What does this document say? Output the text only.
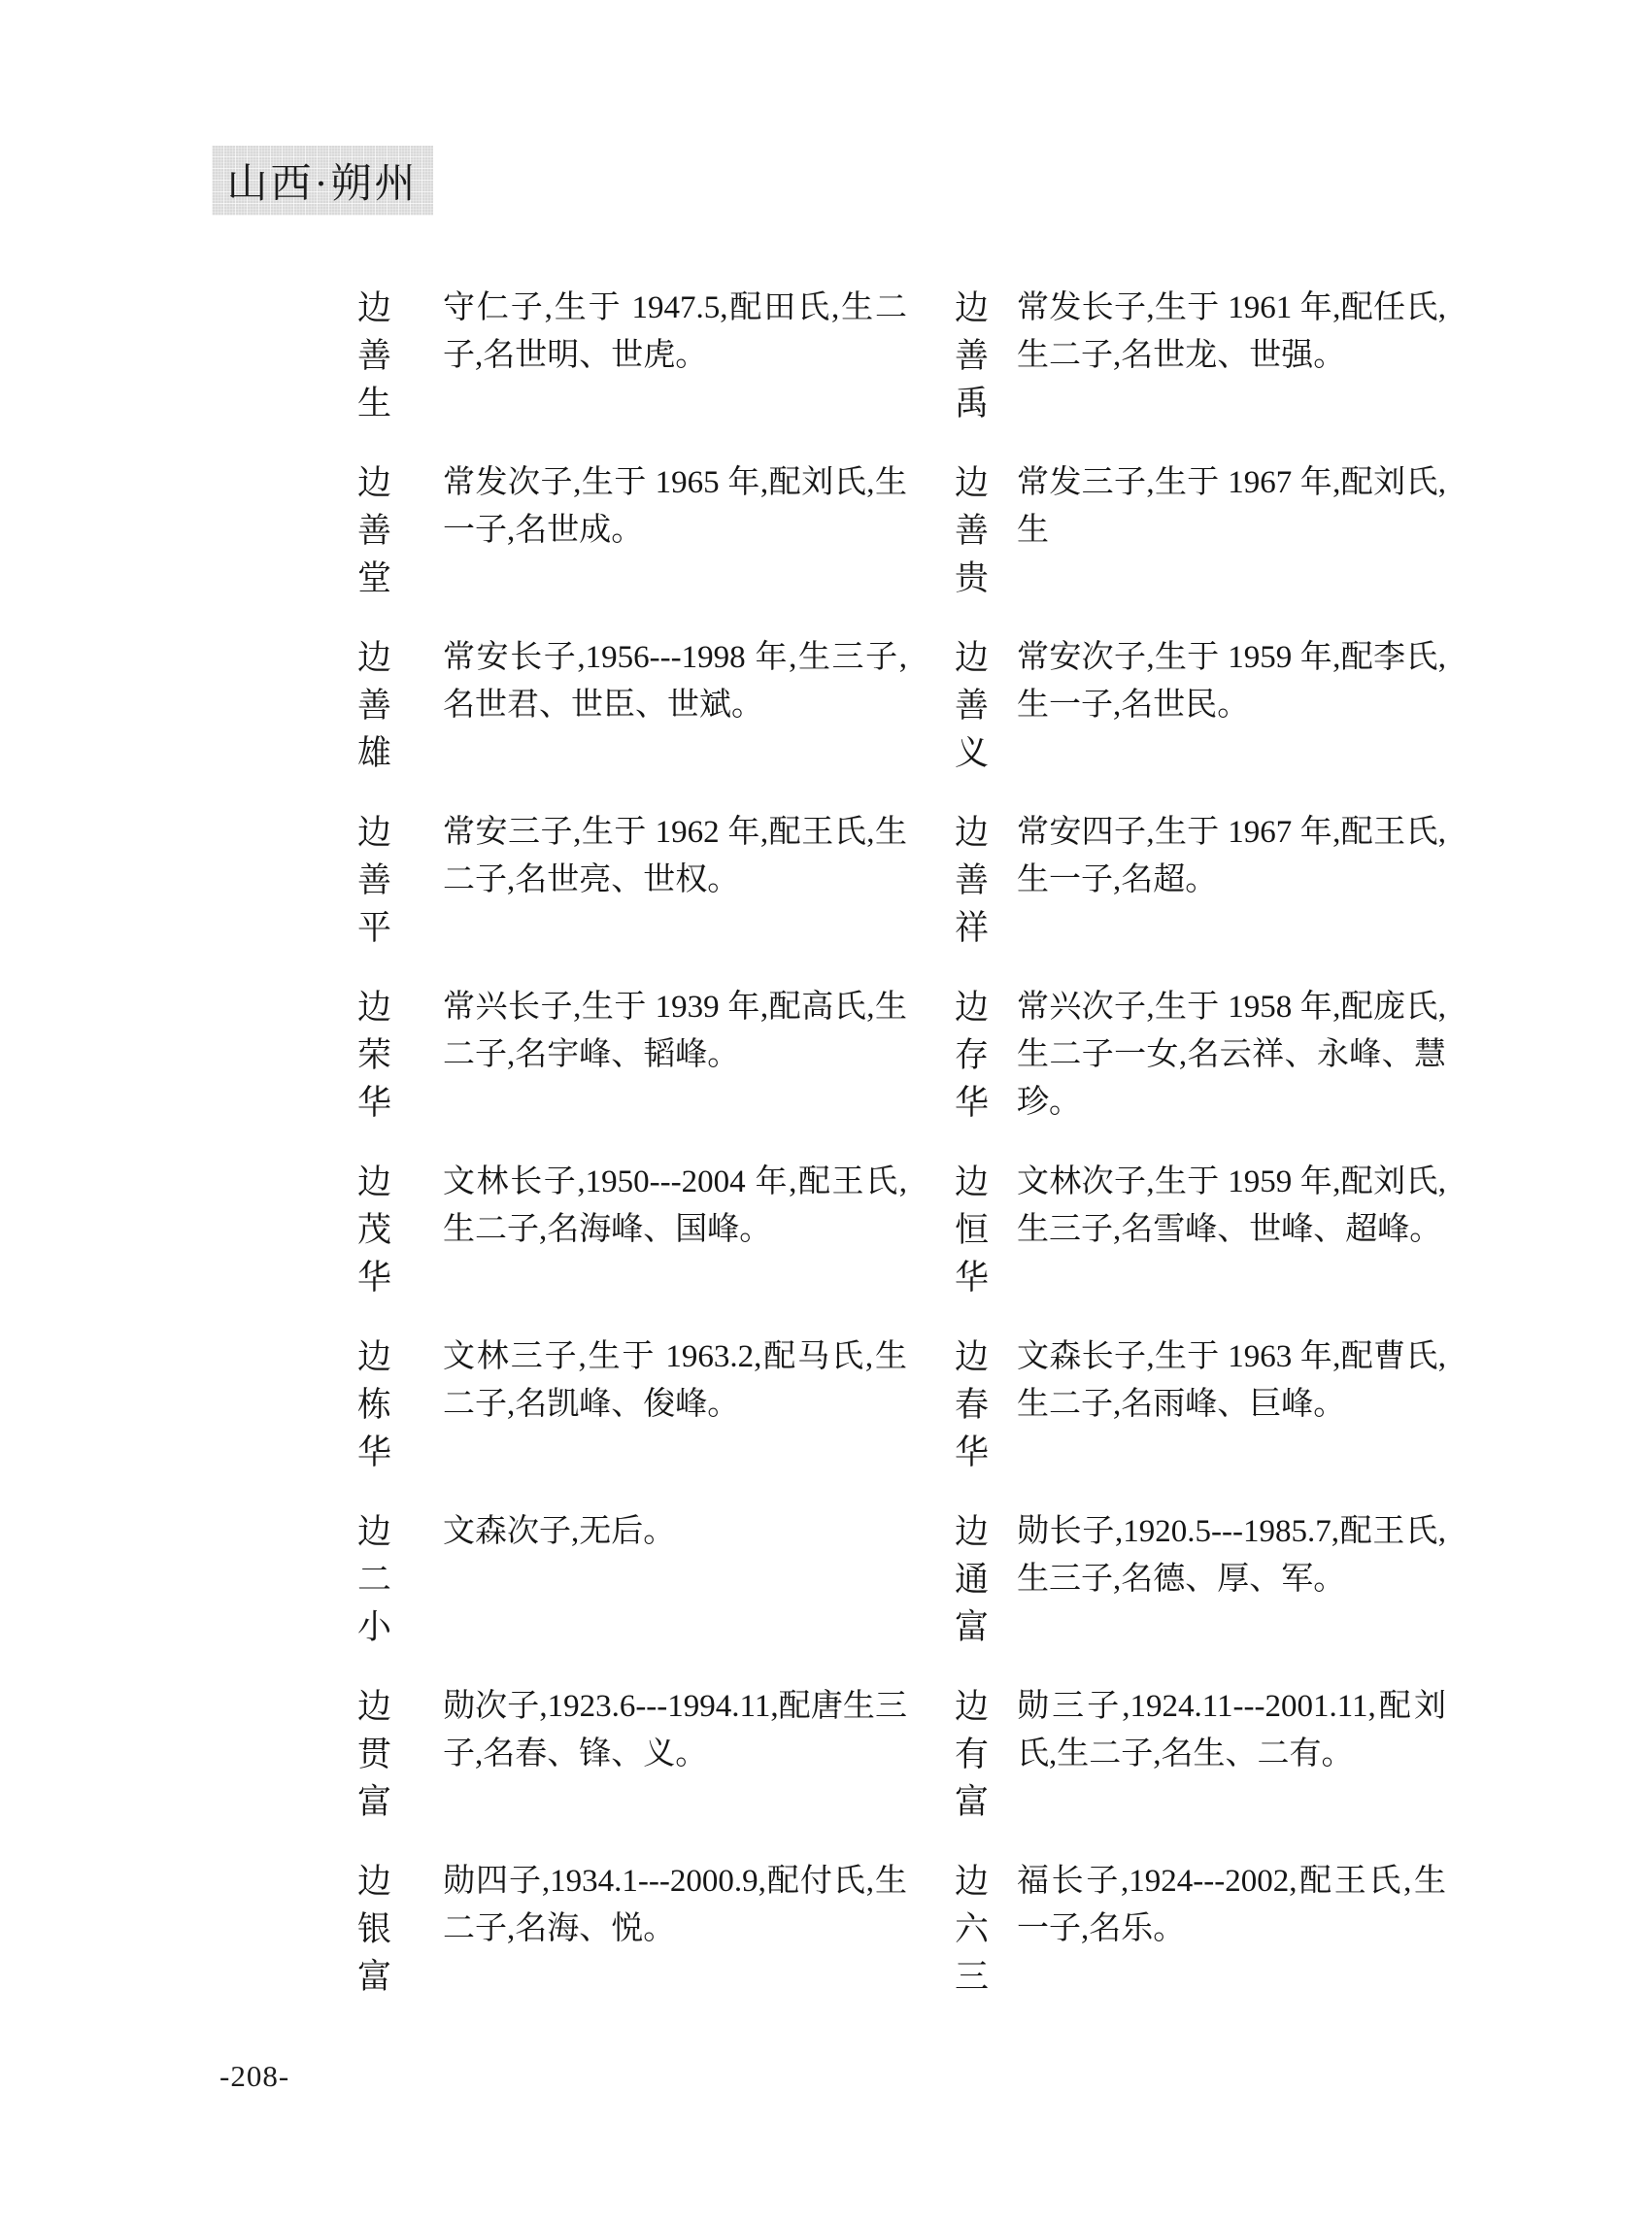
山西·朔州
边善生
守仁子,生于 1947.5,配田氏,生二子,名世明、世虎。
边善堂
常发次子,生于 1965 年,配刘氏,生一子,名世成。
边善雄
常安长子,1956---1998 年,生三子,名世君、世臣、世斌。
边善平
常安三子,生于 1962 年,配王氏,生二子,名世亮、世权。
边荣华
常兴长子,生于 1939 年,配高氏,生二子,名宇峰、韬峰。
边茂华
文林长子,1950---2004 年,配王氏,生二子,名海峰、国峰。
边栋华
文林三子,生于 1963.2,配马氏,生二子,名凯峰、俊峰。
边二小
文森次子,无后。
边贯富
勋次子,1923.6---1994.11,配唐生三子,名春、锋、义。
边银富
勋四子,1934.1---2000.9,配付氏,生二子,名海、悦。
边善禹
常发长子,生于 1961 年,配任氏,生二子,名世龙、世强。
边善贵
常发三子,生于 1967 年,配刘氏,生
边善义
常安次子,生于 1959 年,配李氏,生一子,名世民。
边善祥
常安四子,生于 1967 年,配王氏,生一子,名超。
边存华
常兴次子,生于 1958 年,配庞氏,生二子一女,名云祥、永峰、慧珍。
边恒华
文林次子,生于 1959 年,配刘氏,生三子,名雪峰、世峰、超峰。
边春华
文森长子,生于 1963 年,配曹氏,生二子,名雨峰、巨峰。
边通富
勋长子,1920.5---1985.7,配王氏,生三子,名德、厚、军。
边有富
勋三子,1924.11---2001.11,配刘氏,生二子,名生、二有。
边六三
福长子,1924---2002,配王氏,生一子,名乐。
-208-
